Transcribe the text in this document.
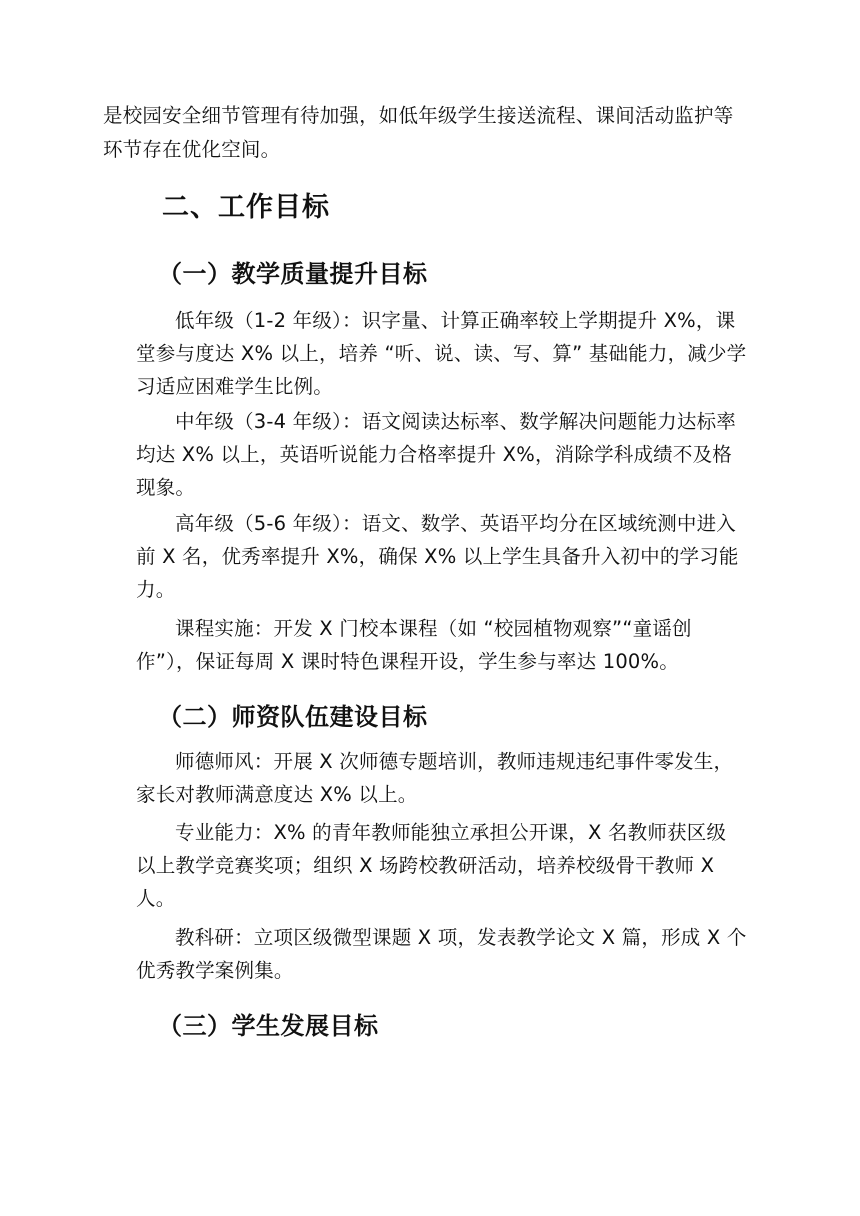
是校园安全细节管理有待加强，如低年级学生接送流程、课间活动监护等
环节存在优化空间。
二、工作目标
（一）教学质量提升目标
低年级（1-2 年级）：识字量、计算正确率较上学期提升 X%，课
堂参与度达 X% 以上，培养 “听、说、读、写、算” 基础能力，减少学
习适应困难学生比例。
中年级（3-4 年级）：语文阅读达标率、数学解决问题能力达标率
均达 X% 以上，英语听说能力合格率提升 X%，消除学科成绩不及格
现象。
高年级（5-6 年级）：语文、数学、英语平均分在区域统测中进入
前 X 名，优秀率提升 X%，确保 X% 以上学生具备升入初中的学习能
力。
课程实施：开发 X 门校本课程（如 “校园植物观察”“童谣创
作”），保证每周 X 课时特色课程开设，学生参与率达 100%。
（二）师资队伍建设目标
师德师风：开展 X 次师德专题培训，教师违规违纪事件零发生，
家长对教师满意度达 X% 以上。
专业能力：X% 的青年教师能独立承担公开课，X 名教师获区级
以上教学竞赛奖项；组织 X 场跨校教研活动，培养校级骨干教师 X
人。
教科研：立项区级微型课题 X 项，发表教学论文 X 篇，形成 X 个
优秀教学案例集。
（三）学生发展目标
